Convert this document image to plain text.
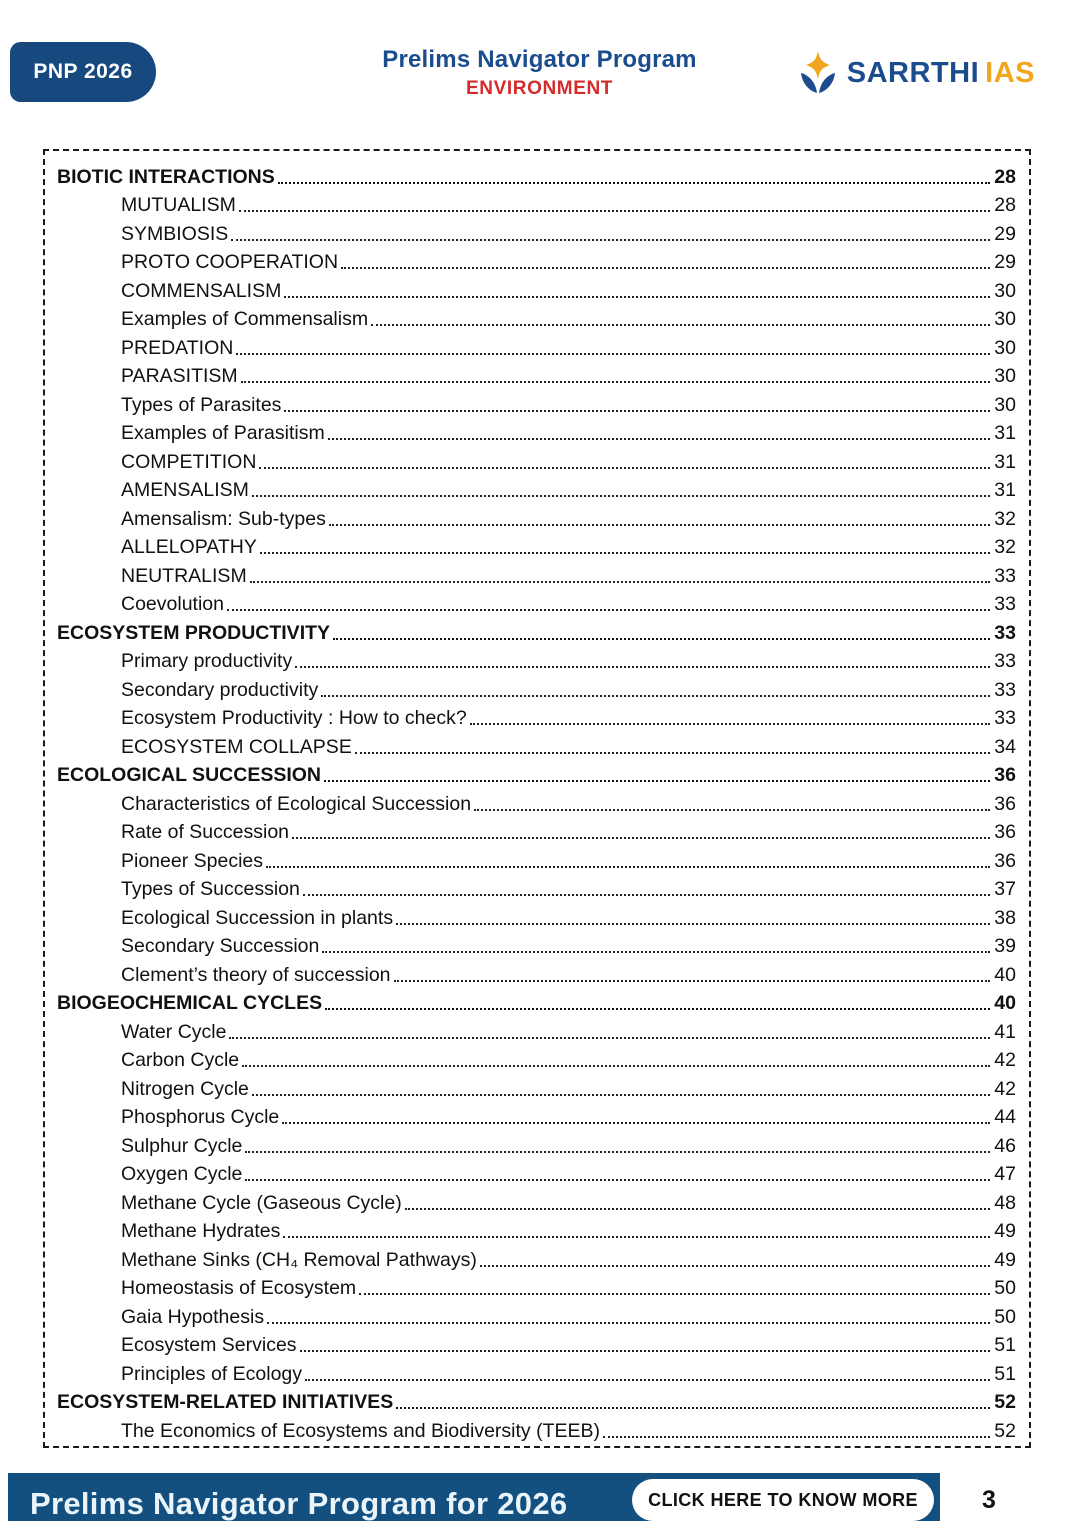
PNP 2026	Prelims Navigator Program
ENVIRONMENT	SARRTHI IAS
BIOTIC INTERACTIONS	28
MUTUALISM	28
SYMBIOSIS	29
PROTO COOPERATION	29
COMMENSALISM	30
Examples of Commensalism	30
PREDATION	30
PARASITISM	30
Types of Parasites	30
Examples of Parasitism	31
COMPETITION	31
AMENSALISM	31
Amensalism: Sub-types	32
ALLELOPATHY	32
NEUTRALISM	33
Coevolution	33
ECOSYSTEM PRODUCTIVITY	33
Primary productivity	33
Secondary productivity	33
Ecosystem Productivity : How to check?	33
ECOSYSTEM COLLAPSE	34
ECOLOGICAL SUCCESSION	36
Characteristics of Ecological Succession	36
Rate of Succession	36
Pioneer Species	36
Types of Succession	37
Ecological Succession in plants	38
Secondary Succession	39
Clement’s theory of succession	40
BIOGEOCHEMICAL CYCLES	40
Water Cycle	41
Carbon Cycle	42
Nitrogen Cycle	42
Phosphorus Cycle	44
Sulphur Cycle	46
Oxygen Cycle	47
Methane Cycle (Gaseous Cycle)	48
Methane Hydrates	49
Methane Sinks (CH₄ Removal Pathways)	49
Homeostasis of Ecosystem	50
Gaia Hypothesis	50
Ecosystem Services	51
Principles of Ecology	51
ECOSYSTEM-RELATED INITIATIVES	52
The Economics of Ecosystems and Biodiversity (TEEB)	52
Prelims Navigator Program for 2026	CLICK HERE TO KNOW MORE	3
